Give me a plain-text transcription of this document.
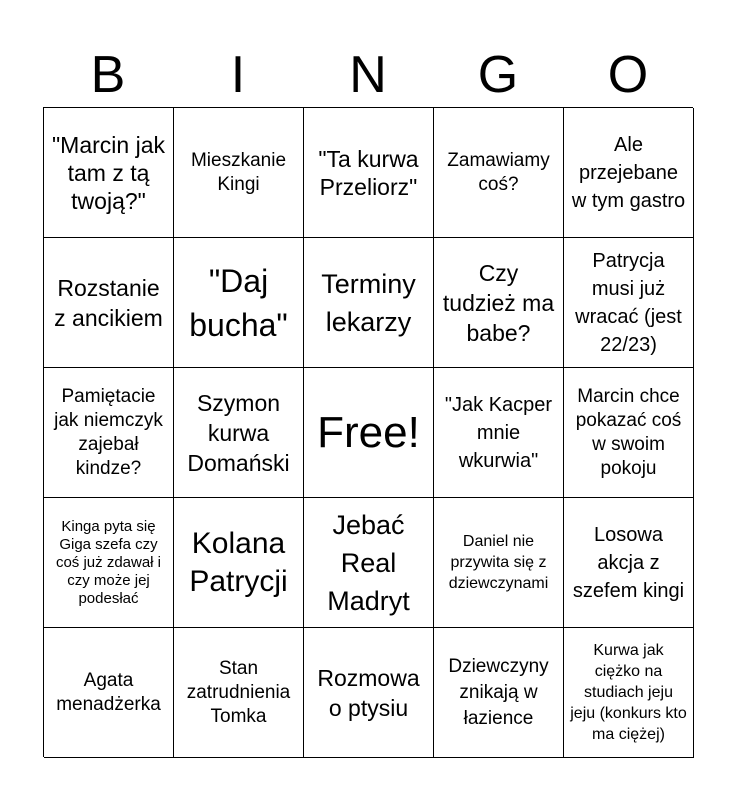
B	I	N	G	O
"Marcin jak tam z tą twoją?"
Mieszkanie Kingi
"Ta kurwa Przeliorz"
Zamawiamy coś?
Ale przejebane w tym gastro
Rozstanie z ancikiem
"Daj bucha"
Terminy lekarzy
Czy tudzież ma babe?
Patrycja musi już wracać (jest 22/23)
Pamiętacie jak niemczyk zajebał kindze?
Szymon kurwa Domański
Free!
"Jak Kacper mnie wkurwia"
Marcin chce pokazać coś w swoim pokoju
Kinga pyta się Giga szefa czy coś już zdawał i czy może jej podesłać
Kolana Patrycji
Jebać Real Madryt
Daniel nie przywita się z dziewczynami
Losowa akcja z szefem kingi
Agata menadżerka
Stan zatrudnienia Tomka
Rozmowa o ptysiu
Dziewczyny znikają w łazience
Kurwa jak ciężko na studiach jeju jeju (konkurs kto ma ciężej)
